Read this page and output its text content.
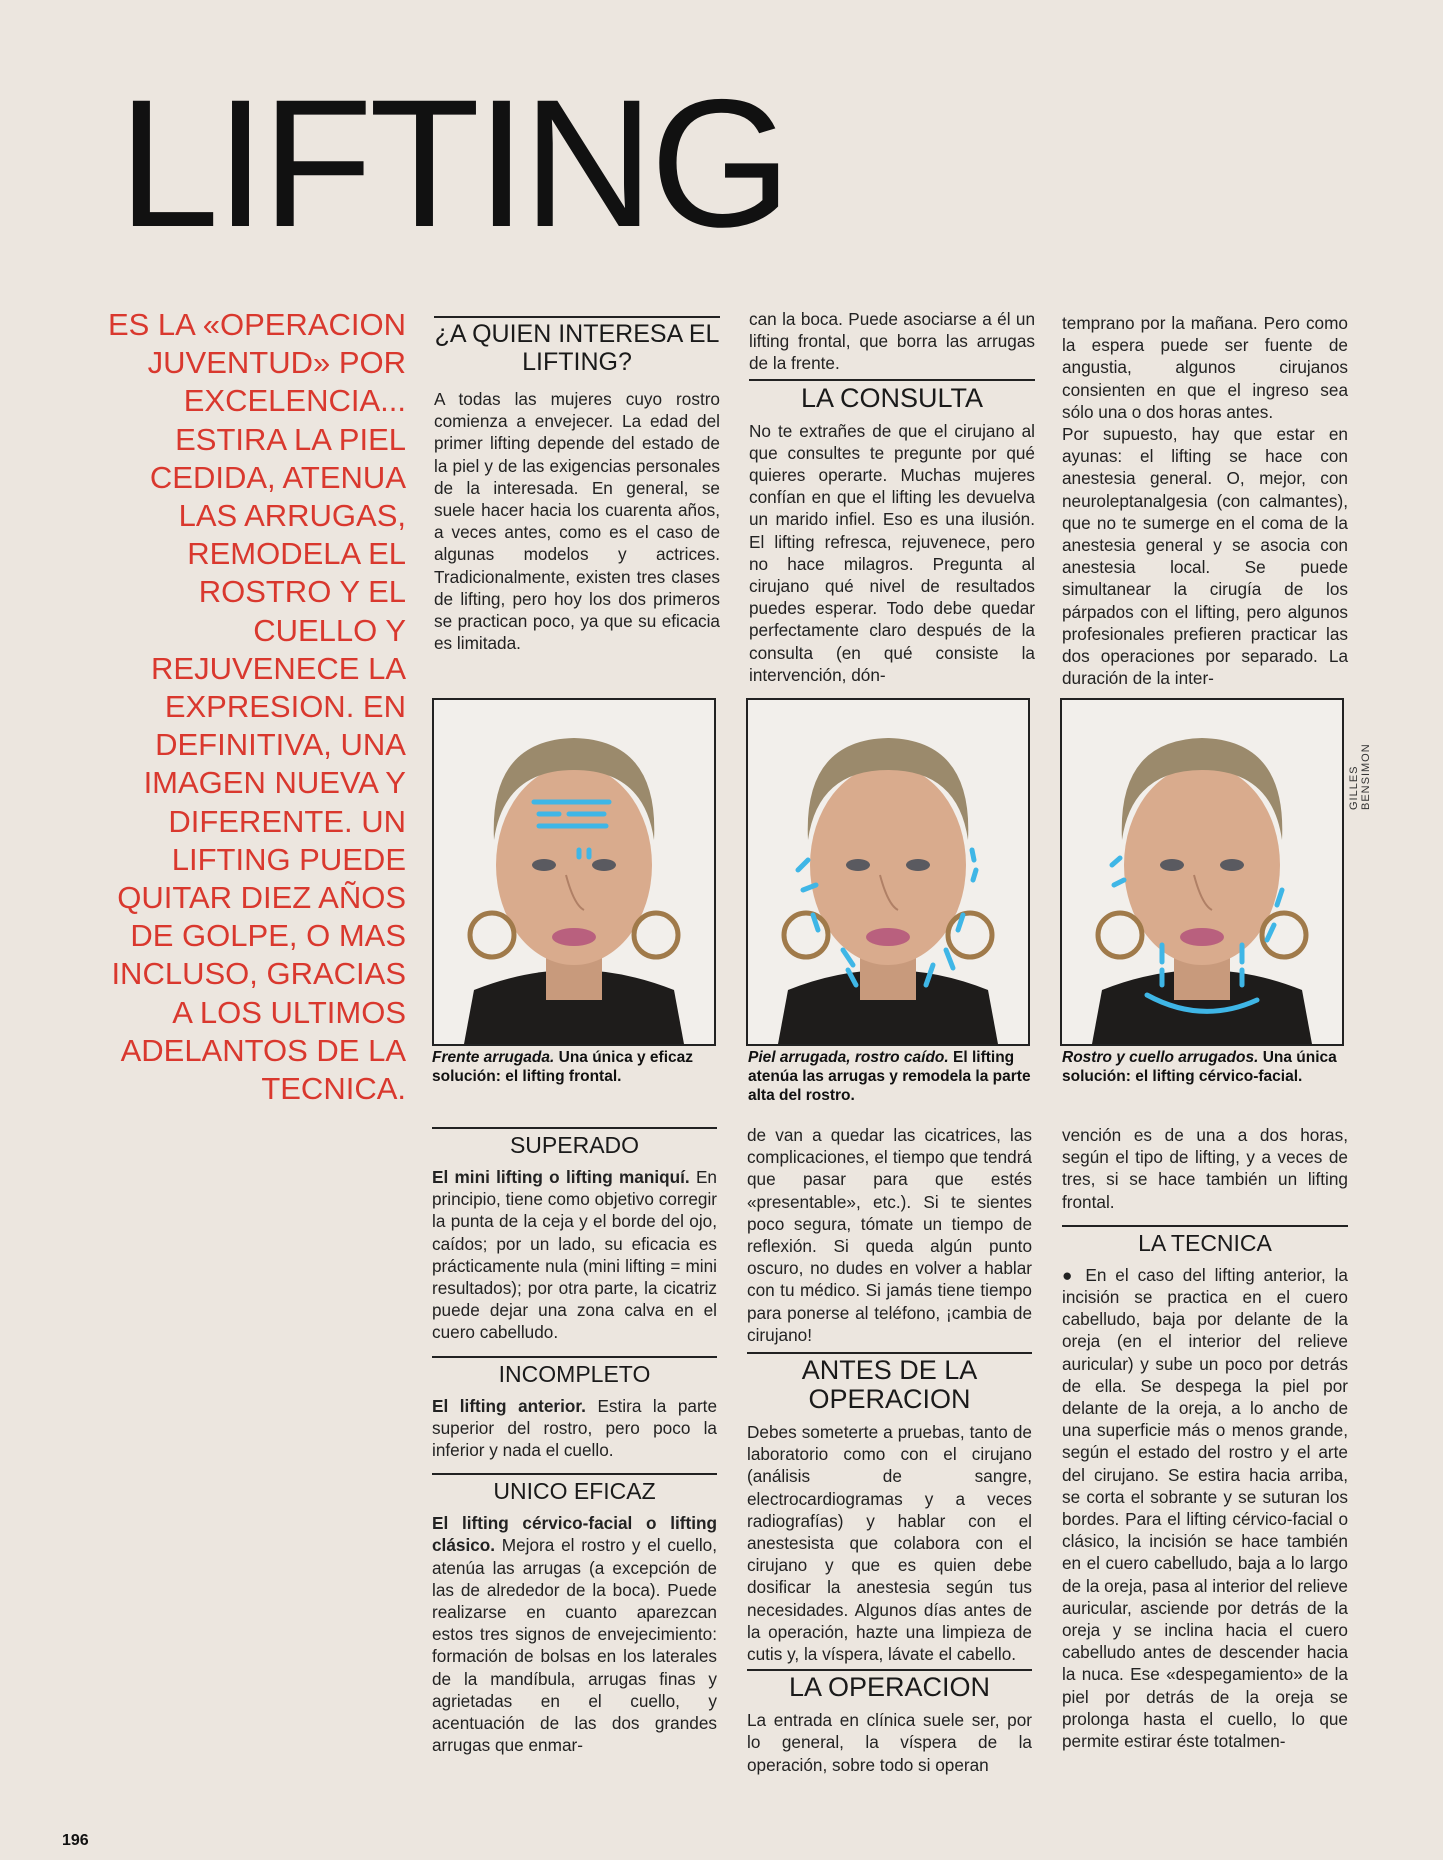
LIFTING
ES LA «OPERACION JUVENTUD» POR EXCELENCIA... ESTIRA LA PIEL CEDIDA, ATENUA LAS ARRUGAS, REMODELA EL ROSTRO Y EL CUELLO Y REJUVENECE LA EXPRESION. EN DEFINITIVA, UNA IMAGEN NUEVA Y DIFERENTE. UN LIFTING PUEDE QUITAR DIEZ AÑOS DE GOLPE, O MAS INCLUSO, GRACIAS A LOS ULTIMOS ADELANTOS DE LA TECNICA.
¿A QUIEN INTERESA EL LIFTING?

A todas las mujeres cuyo rostro comienza a envejecer. La edad del primer lifting depende del estado de la piel y de las exigencias personales de la interesada. En general, se suele hacer hacia los cuarenta años, a veces antes, como es el caso de algunas modelos y actrices. Tradicionalmente, existen tres clases de lifting, pero hoy los dos primeros se practican poco, ya que su eficacia es limitada.

can la boca. Puede asociarse a él un lifting frontal, que borra las arrugas de la frente.

LA CONSULTA

No te extrañes de que el cirujano al que consultes te pregunte por qué quieres operarte. Muchas mujeres confían en que el lifting les devuelva un marido infiel. Eso es una ilusión. El lifting refresca, rejuvenece, pero no hace milagros. Pregunta al cirujano qué nivel de resultados puedes esperar. Todo debe quedar perfectamente claro después de la consulta (en qué consiste la intervención, dón-

temprano por la mañana. Pero como la espera puede ser fuente de angustia, algunos cirujanos consienten en que el ingreso sea sólo una o dos horas antes.

Por supuesto, hay que estar en ayunas: el lifting se hace con anestesia general. O, mejor, con neuroleptanalgesia (con calmantes), que no te sumerge en el coma de la anestesia general y se asocia con anestesia local. Se puede simultanear la cirugía de los párpados con el lifting, pero algunos profesionales prefieren practicar las dos operaciones por separado. La duración de la inter-

GILLES BENSIMON
Frente arrugada. Una única y eficaz solución: el lifting frontal.
Piel arrugada, rostro caído. El lifting atenúa las arrugas y remodela la parte alta del rostro.
Rostro y cuello arrugados. Una única solución: el lifting cérvico-facial.
SUPERADO

El mini lifting o lifting maniquí. En principio, tiene como objetivo corregir la punta de la ceja y el borde del ojo, caídos; por un lado, su eficacia es prácticamente nula (mini lifting = mini resultados); por otra parte, la cicatriz puede dejar una zona calva en el cuero cabelludo.

INCOMPLETO

El lifting anterior. Estira la parte superior del rostro, pero poco la inferior y nada el cuello.

UNICO EFICAZ

El lifting cérvico-facial o lifting clásico. Mejora el rostro y el cuello, atenúa las arrugas (a excepción de las de alrededor de la boca). Puede realizarse en cuanto aparezcan estos tres signos de envejecimiento: formación de bolsas en los laterales de la mandíbula, arrugas finas y agrietadas en el cuello, y acentuación de las dos grandes arrugas que enmar-

de van a quedar las cicatrices, las complicaciones, el tiempo que tendrá que pasar para que estés «presentable», etc.). Si te sientes poco segura, tómate un tiempo de reflexión. Si queda algún punto oscuro, no dudes en volver a hablar con tu médico. Si jamás tiene tiempo para ponerse al teléfono, ¡cambia de cirujano!

ANTES DE LA OPERACION

Debes someterte a pruebas, tanto de laboratorio como con el cirujano (análisis de sangre, electrocardiogramas y a veces radiografías) y hablar con el anestesista que colabora con el cirujano y que es quien debe dosificar la anestesia según tus necesidades. Algunos días antes de la operación, hazte una limpieza de cutis y, la víspera, lávate el cabello.

LA OPERACION

La entrada en clínica suele ser, por lo general, la víspera de la operación, sobre todo si operan

vención es de una a dos horas, según el tipo de lifting, y a veces de tres, si se hace también un lifting frontal.

LA TECNICA

● En el caso del lifting anterior, la incisión se practica en el cuero cabelludo, baja por delante de la oreja (en el interior del relieve auricular) y sube un poco por detrás de ella. Se despega la piel por delante de la oreja, a lo ancho de una superficie más o menos grande, según el estado del rostro y el arte del cirujano. Se estira hacia arriba, se corta el sobrante y se suturan los bordes. Para el lifting cérvico-facial o clásico, la incisión se hace también en el cuero cabelludo, baja a lo largo de la oreja, pasa al interior del relieve auricular, asciende por detrás de la oreja y se inclina hacia el cuero cabelludo antes de descender hacia la nuca. Ese «despegamiento» de la piel por detrás de la oreja se prolonga hasta el cuello, lo que permite estirar éste totalmen-

196
